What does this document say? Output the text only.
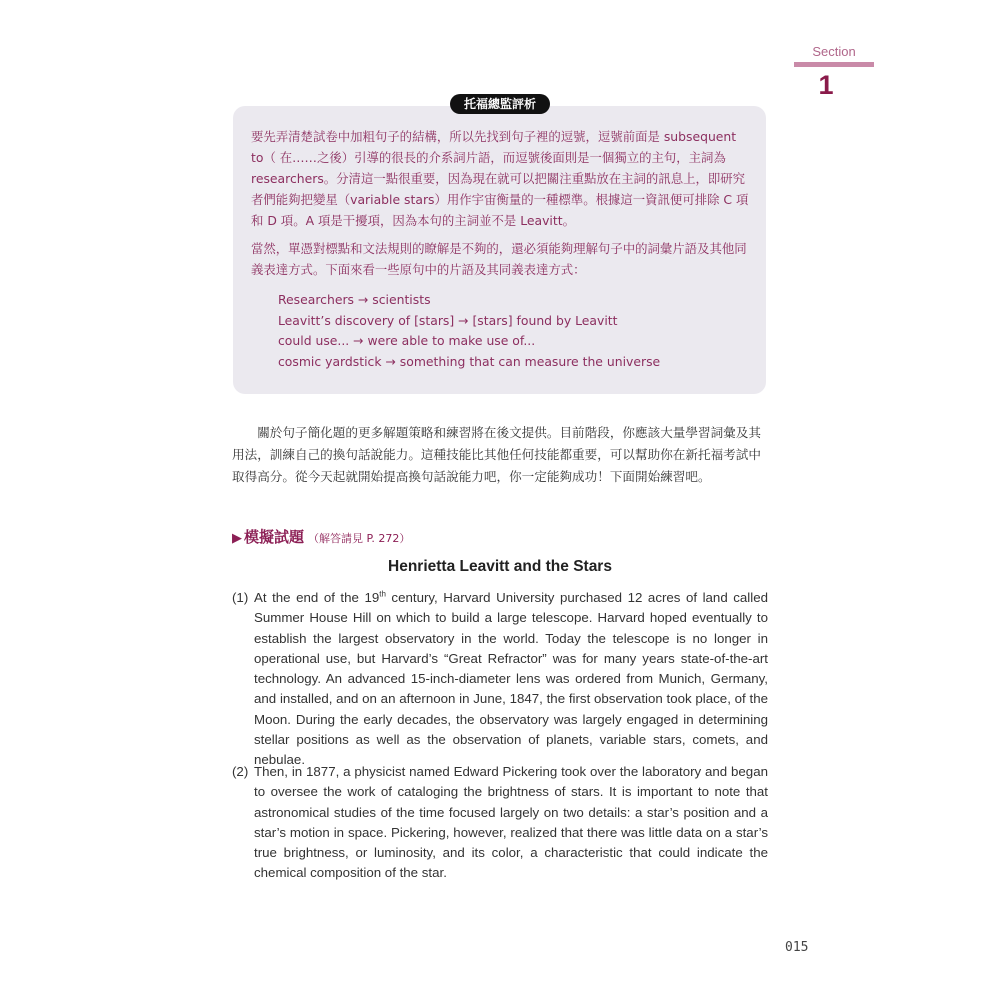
Section
1
托福總監評析

要先弄清楚試卷中加粗句子的結構，所以先找到句子裡的逗號，逗號前面是 subsequent to（ 在……之後）引導的很長的介系詞片語，而逗號後面則是一個獨立的主句，主詞為 researchers。分清這一點很重要，因為現在就可以把關注重點放在主詞的訊息上，即研究者們能夠把變星（variable stars）用作宇宙衡量的一種標準。根據這一資訊便可排除 C 項和 D 項。A 項是干擾項，因為本句的主詞並不是 Leavitt。

當然，單憑對標點和文法規則的瞭解是不夠的，還必須能夠理解句子中的詞彙片語及其他同義表達方式。下面來看一些原句中的片語及其同義表達方式：

Researchers → scientists
Leavitt’s discovery of [stars] → [stars] found by Leavitt
could use... → were able to make use of...
cosmic yardstick → something that can measure the universe

關於句子簡化題的更多解題策略和練習將在後文提供。目前階段，你應該大量學習詞彙及其用法，訓練自己的換句話說能力。這種技能比其他任何技能都重要，可以幫助你在新托福考試中取得高分。從今天起就開始提高換句話說能力吧，你一定能夠成功！下面開始練習吧。

▶ 模擬試題 （解答請見 P. 272）
Henrietta Leavitt and the Stars
(1) At the end of the 19th century, Harvard University purchased 12 acres of land called Summer House Hill on which to build a large telescope. Harvard hoped eventually to establish the largest observatory in the world. Today the telescope is no longer in operational use, but Harvard’s “Great Refractor” was for many years state-of-the-art technology. An advanced 15-inch-diameter lens was ordered from Munich, Germany, and installed, and on an afternoon in June, 1847, the first observation took place, of the Moon. During the early decades, the observatory was largely engaged in determining stellar positions as well as the observation of planets, variable stars, comets, and nebulae.
(2) Then, in 1877, a physicist named Edward Pickering took over the laboratory and began to oversee the work of cataloging the brightness of stars. It is important to note that astronomical studies of the time focused largely on two details: a star’s position and a star’s motion in space. Pickering, however, realized that there was little data on a star’s true brightness, or luminosity, and its color, a characteristic that could indicate the chemical composition of the star.
015
